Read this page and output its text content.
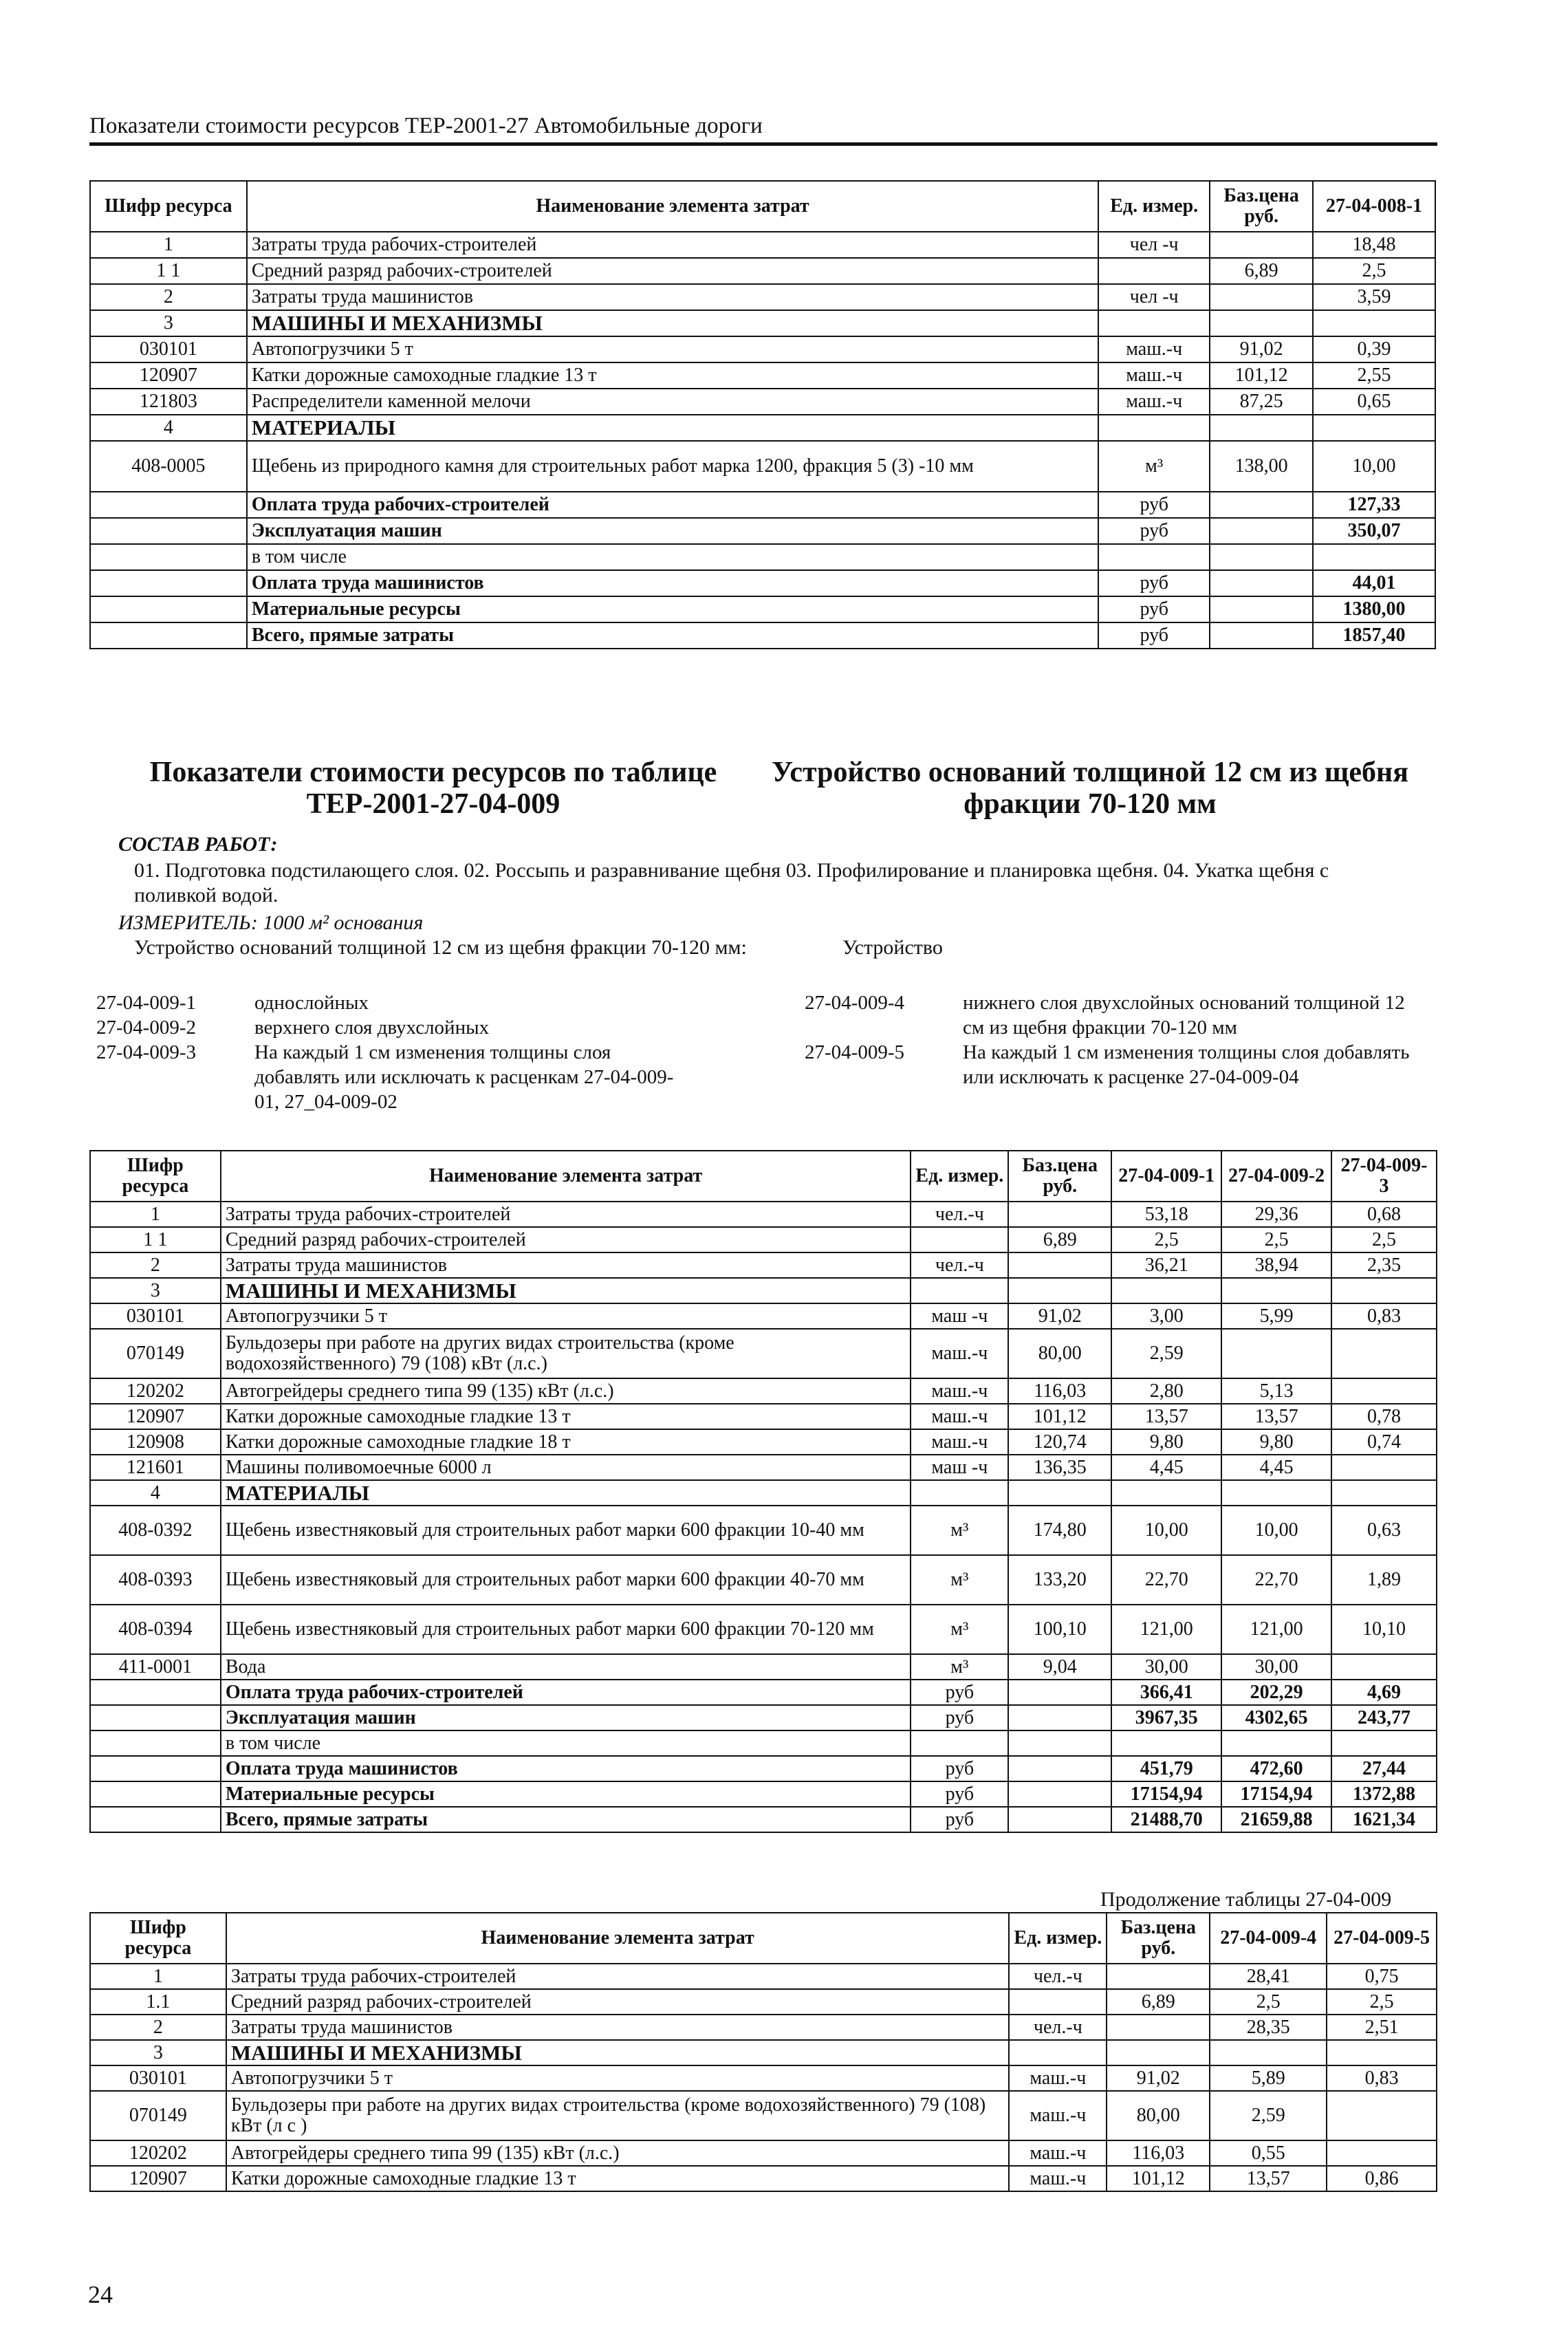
Показатели стоимости ресурсов ТЕР-2001-27 Автомобильные дороги
Шифр ресурса	Наименование элемента затрат	Ед. измер.	Баз.цена руб.	27-04-008-1
1	Затраты труда рабочих-строителей	чел -ч		18,48
1 1	Средний разряд рабочих-строителей		6,89	2,5
2	Затраты труда машинистов	чел -ч		3,59
3	МАШИНЫ И МЕХАНИЗМЫ			
030101	Автопогрузчики 5 т	маш.-ч	91,02	0,39
120907	Катки дорожные самоходные гладкие 13 т	маш.-ч	101,12	2,55
121803	Распределители каменной мелочи	маш.-ч	87,25	0,65
4	МАТЕРИАЛЫ			
408-0005	Щебень из природного камня для строительных работ марка 1200, фракция 5 (3) -10 мм	м³	138,00	10,00
	Оплата труда рабочих-строителей	руб		127,33
	Эксплуатация машин	руб		350,07
	в том числе			
	Оплата труда машинистов	руб		44,01
	Материальные ресурсы	руб		1380,00
	Всего, прямые затраты	руб		1857,40
Показатели стоимости ресурсов по таблице ТЕР-2001-27-04-009
Устройство оснований толщиной 12 см из щебня фракции 70-120 мм
СОСТАВ РАБОТ:
01. Подготовка подстилающего слоя. 02. Россыпь и разравнивание щебня 03. Профилирование и планировка щебня. 04. Укатка щебня с поливкой водой.
ИЗМЕРИТЕЛЬ: 1000 м² основания
Устройство оснований толщиной 12 см из щебня фракции 70-120 мм:	Устройство
27-04-009-1	однослойных
27-04-009-2	верхнего слоя двухслойных
27-04-009-3	На каждый 1 см изменения толщины слоя добавлять или исключать к расценкам 27-04-009-01, 27_04-009-02
27-04-009-4	нижнего слоя двухслойных оснований толщиной 12 см из щебня фракции 70-120 мм
27-04-009-5	На каждый 1 см изменения толщины слоя добавлять или исключать к расценке 27-04-009-04
Шифр ресурса	Наименование элемента затрат	Ед. измер.	Баз.цена руб.	27-04-009-1	27-04-009-2	27-04-009-3
1	Затраты труда рабочих-строителей	чел.-ч		53,18	29,36	0,68
1 1	Средний разряд рабочих-строителей		6,89	2,5	2,5	2,5
2	Затраты труда машинистов	чел.-ч		36,21	38,94	2,35
3	МАШИНЫ И МЕХАНИЗМЫ					
030101	Автопогрузчики 5 т	маш -ч	91,02	3,00	5,99	0,83
070149	Бульдозеры при работе на других видах строительства (кроме водохозяйственного) 79 (108) кВт (л.с.)	маш.-ч	80,00	2,59		
120202	Автогрейдеры среднего типа 99 (135) кВт (л.с.)	маш.-ч	116,03	2,80	5,13	
120907	Катки дорожные самоходные гладкие 13 т	маш.-ч	101,12	13,57	13,57	0,78
120908	Катки дорожные самоходные гладкие 18 т	маш.-ч	120,74	9,80	9,80	0,74
121601	Машины поливомоечные 6000 л	маш -ч	136,35	4,45	4,45	
4	МАТЕРИАЛЫ					
408-0392	Щебень известняковый для строительных работ марки 600 фракции 10-40 мм	м³	174,80	10,00	10,00	0,63
408-0393	Щебень известняковый для строительных работ марки 600 фракции 40-70 мм	м³	133,20	22,70	22,70	1,89
408-0394	Щебень известняковый для строительных работ марки 600 фракции 70-120 мм	м³	100,10	121,00	121,00	10,10
411-0001	Вода	м³	9,04	30,00	30,00	
	Оплата труда рабочих-строителей	руб		366,41	202,29	4,69
	Эксплуатация машин	руб		3967,35	4302,65	243,77
	в том числе					
	Оплата труда машинистов	руб		451,79	472,60	27,44
	Материальные ресурсы	руб		17154,94	17154,94	1372,88
	Всего, прямые затраты	руб		21488,70	21659,88	1621,34
Продолжение таблицы 27-04-009
Шифр ресурса	Наименование элемента затрат	Ед. измер.	Баз.цена руб.	27-04-009-4	27-04-009-5
1	Затраты труда рабочих-строителей	чел.-ч		28,41	0,75
1.1	Средний разряд рабочих-строителей		6,89	2,5	2,5
2	Затраты труда машинистов	чел.-ч		28,35	2,51
3	МАШИНЫ И МЕХАНИЗМЫ				
030101	Автопогрузчики 5 т	маш.-ч	91,02	5,89	0,83
070149	Бульдозеры при работе на других видах строительства (кроме водохозяйственного) 79 (108) кВт (л с )	маш.-ч	80,00	2,59	
120202	Автогрейдеры среднего типа 99 (135) кВт (л.с.)	маш.-ч	116,03	0,55	
120907	Катки дорожные самоходные гладкие 13 т	маш.-ч	101,12	13,57	0,86
24
